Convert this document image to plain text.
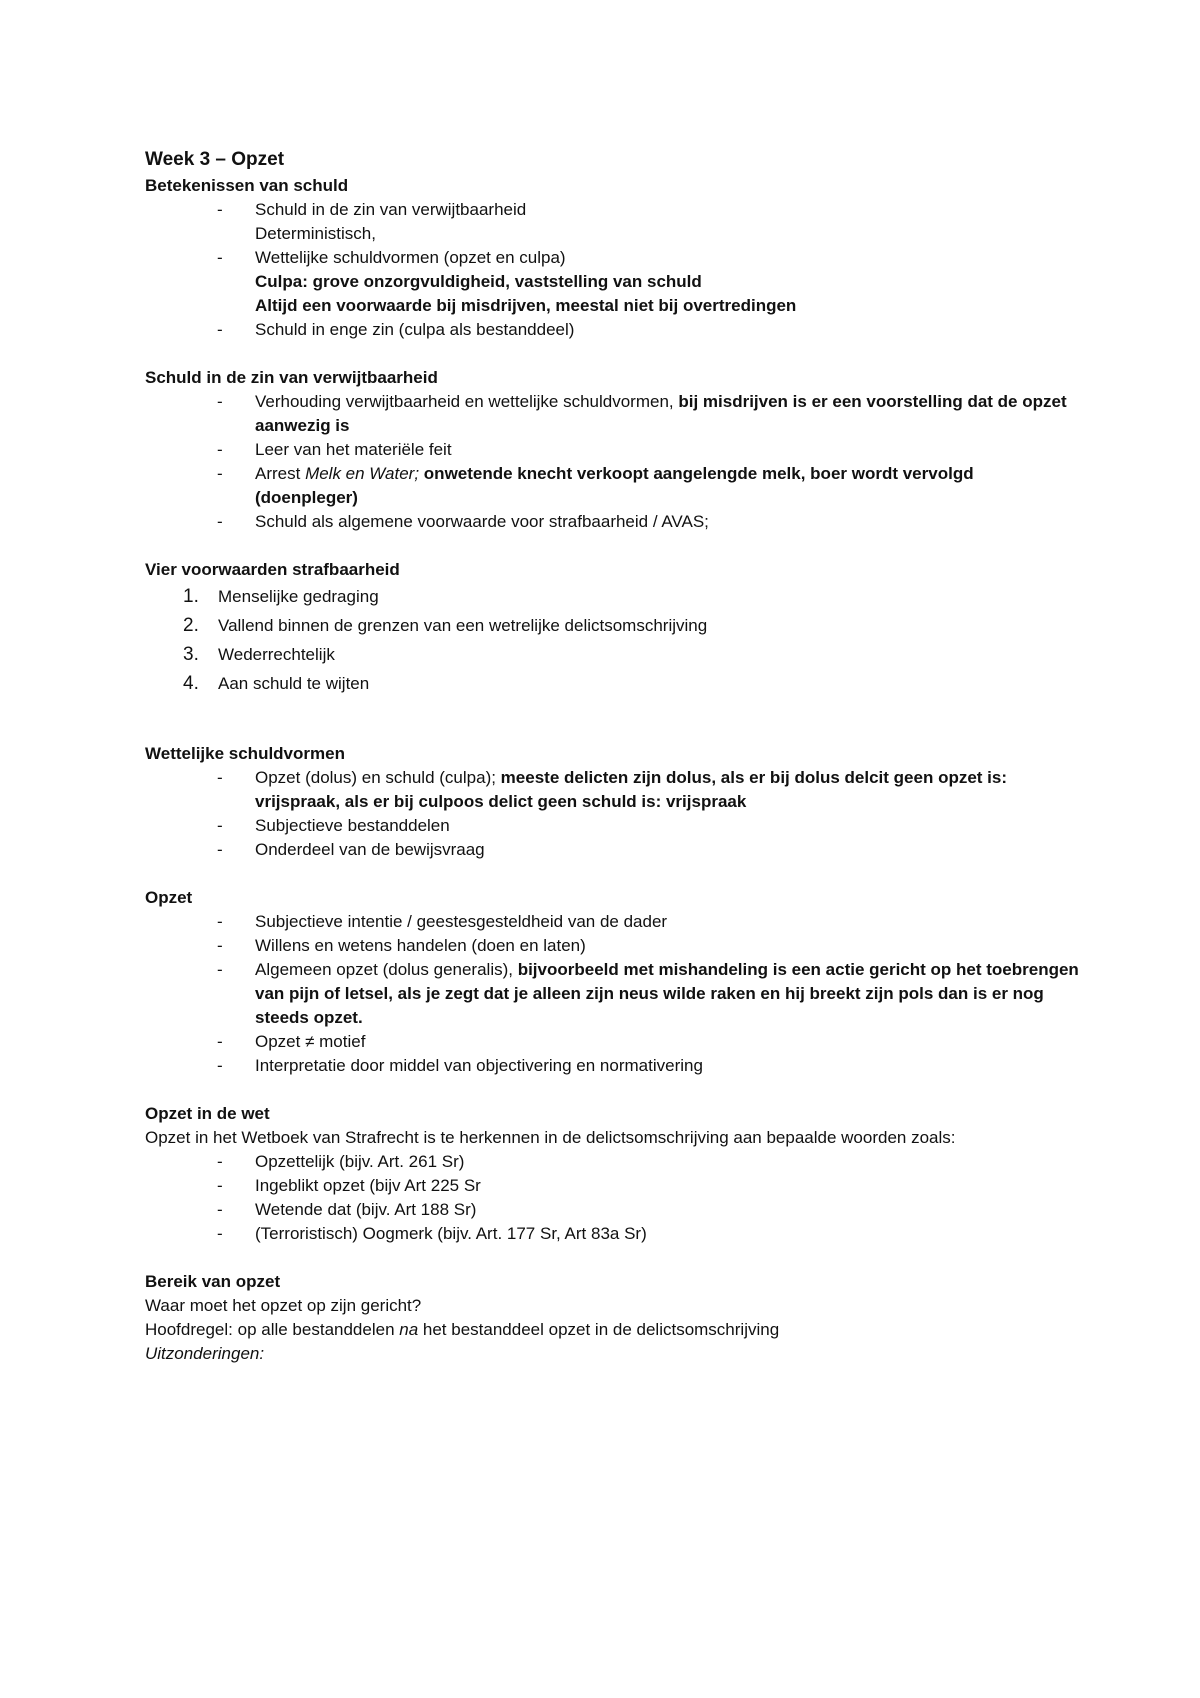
Week 3 – Opzet

Betekenissen van schuld

- Schuld in de zin van verwijtbaarheid
Deterministisch,
- Wettelijke schuldvormen (opzet en culpa)
Culpa: grove onzorgvuldigheid, vaststelling van schuld
Altijd een voorwaarde bij misdrijven, meestal niet bij overtredingen
- Schuld in enge zin (culpa als bestanddeel)

Schuld in de zin van verwijtbaarheid

- Verhouding verwijtbaarheid en wettelijke schuldvormen, bij misdrijven is er een voorstelling dat de opzet aanwezig is
- Leer van het materiële feit
- Arrest Melk en Water; onwetende knecht verkoopt aangelengde melk, boer wordt vervolgd (doenpleger)
- Schuld als algemene voorwaarde voor strafbaarheid / AVAS;

Vier voorwaarden strafbaarheid

1. Menselijke gedraging
2. Vallend binnen de grenzen van een wetrelijke delictsomschrijving
3. Wederrechtelijk
4. Aan schuld te wijten

Wettelijke schuldvormen

- Opzet (dolus) en schuld (culpa); meeste delicten zijn dolus, als er bij dolus delcit geen opzet is: vrijspraak, als er bij culpoos delict geen schuld is: vrijspraak
- Subjectieve bestanddelen
- Onderdeel van de bewijsvraag

Opzet

- Subjectieve intentie / geestesgesteldheid van de dader
- Willens en wetens handelen (doen en laten)
- Algemeen opzet (dolus generalis), bijvoorbeeld met mishandeling is een actie gericht op het toebrengen van pijn of letsel, als je zegt dat je alleen zijn neus wilde raken en hij breekt zijn pols dan is er nog steeds opzet.
- Opzet ≠ motief
- Interpretatie door middel van objectivering en normativering

Opzet in de wet

Opzet in het Wetboek van Strafrecht is te herkennen in de delictsomschrijving aan bepaalde woorden zoals:

- Opzettelijk (bijv. Art. 261 Sr)
- Ingeblikt opzet (bijv Art 225 Sr
- Wetende dat (bijv. Art 188 Sr)
- (Terroristisch) Oogmerk (bijv. Art. 177 Sr, Art 83a Sr)

Bereik van opzet

Waar moet het opzet op zijn gericht?

Hoofdregel: op alle bestanddelen na het bestanddeel opzet in de delictsomschrijving

Uitzonderingen:
